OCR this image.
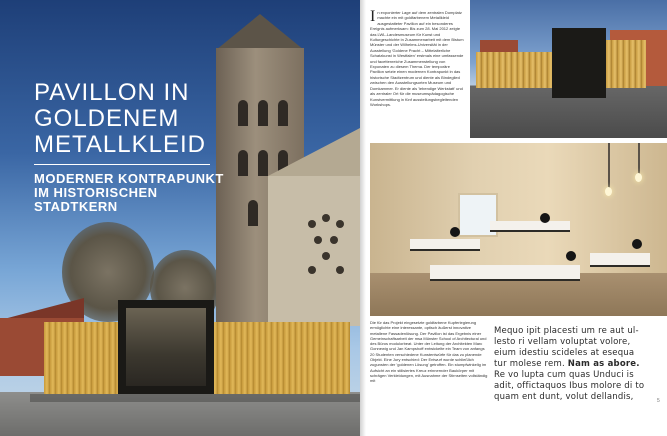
PAVILLON IN
GOLDENEM
METALLKLEID
MODERNER KONTRAPUNKT
IM HISTORISCHEN
STADTKERN
I n exponierter Lage auf dem zentralen Domplatz machte ein mit goldfarbenem Metallkleid ausgestatteter Pavillon auf ein besonderes Ereignis aufmerksam: Bis zum 28. Mai 2012 zeigte das LWL-Landesmuseum für Kunst und Kulturgeschichte in Zusammenarbeit mit dem Bistum Münster und der Wilhelms-Universität in der Ausstellung 'Goldene Pracht – Mittelalterliche Schatzkunst in Westfalen' erstmals eine umfassende und facettenreiche Zusammenstellung von Exponaten zu diesem Thema. Der temporäre Pavillon setzte einen modernen Kontrapunkt in das historische Stadtzentrum und diente als Bindeglied zwischen den Ausstellungsorten Museum und Domkammer. Er diente als 'lebendige Werkstatt' und als zentraler Ort für die museumspädagogische Kunstvermittlung in fünf ausstellungsbegleitenden Workshops.
Die für das Projekt eingesetzte goldfarbene Kupferlegierung ermöglichte eine interessante, optisch äußerst innovative metallene Fassadenlösung. Der Pavillon ist das Ergebnis einer Gemeinschaftsarbeit der msa Münster School of Architectural und des Büros modulorbeat. Unter der Leitung der Architekten Marc Gonnewig und Jan Kampshoff entwickelte ein Team von anfangs 20 Studenten verschiedene Kunstentwürfe für das zu planende Objekt. Eine Jury entschied: Der Entwurf wurde schließlich zugunsten der 'goldenen Lösung' getroffen. Ein stumpfwinkelig im Aufsicht an ein stilisiertes Kreuz erinnernder Baukörper mit schrägen Verkleidungen, mit Ausnahme der Stirnseiten vollständig mit
Mequo ipit placesti um re aut ul-
lesto ri vellam voluptat volore,
eium idestiu scideles at esequa
tur molese rem. Nam as abore.
Re vo lupta cum quas Unduci is
adit, offictaquos Ibus molore di to
quam ent dunt, volut dellandis,	5
